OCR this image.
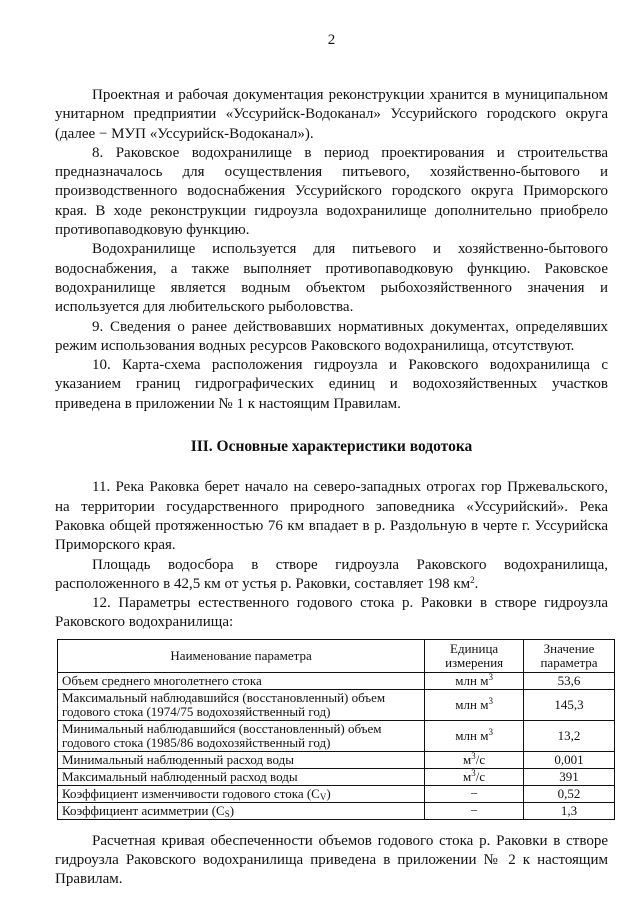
2

Проектная и рабочая документация реконструкции хранится в муниципальном унитарном предприятии «Уссурийск-Водоканал» Уссурийского городского округа (далее − МУП «Уссурийск-Водоканал»).

8. Раковское водохранилище в период проектирования и строительства предназначалось для осуществления питьевого, хозяйственно-бытового и производственного водоснабжения Уссурийского городского округа Приморского края. В ходе реконструкции гидроузла водохранилище дополнительно приобрело противопаводковую функцию.

Водохранилище используется для питьевого и хозяйственно-бытового водоснабжения, а также выполняет противопаводковую функцию. Раковское водохранилище является водным объектом рыбохозяйственного значения и используется для любительского рыболовства.

9. Сведения о ранее действовавших нормативных документах, определявших режим использования водных ресурсов Раковского водохранилища, отсутствуют.

10. Карта-схема расположения гидроузла и Раковского водохранилища с указанием границ гидрографических единиц и водохозяйственных участков приведена в приложении № 1 к настоящим Правилам.

III. Основные характеристики водотока

11. Река Раковка берет начало на северо-западных отрогах гор Пржевальского, на территории государственного природного заповедника «Уссурийский». Река Раковка общей протяженностью 76 км впадает в р. Раздольную в черте г. Уссурийска Приморского края.

Площадь водосбора в створе гидроузла Раковского водохранилища, расположенного в 42,5 км от устья р. Раковки, составляет 198 $км^2$.

12. Параметры естественного годового стока р. Раковки в створе гидроузла Раковского водохранилища:

Наименование параметра	Единица измерения	Значение параметра
Объем среднего многолетнего стока	млн $м^3$	53,6
Максимальный наблюдавшийся (восстановленный) объем годового стока (1974/75 водохозяйственный год)	млн $м^3$	145,3
Минимальный наблюдавшийся (восстановленный) объем годового стока (1985/86 водохозяйственный год)	млн $м^3$	13,2
Минимальный наблюденный расход воды	$м^3/с$	0,001
Максимальный наблюденный расход воды	$м^3/с$	391
Коэффициент изменчивости годового стока $(C_V)$	−	0,52
Коэффициент асимметрии $(C_S)$	−	1,3

Расчетная кривая обеспеченности объемов годового стока р. Раковки в створе гидроузла Раковского водохранилища приведена в приложении № 2 к настоящим Правилам.
